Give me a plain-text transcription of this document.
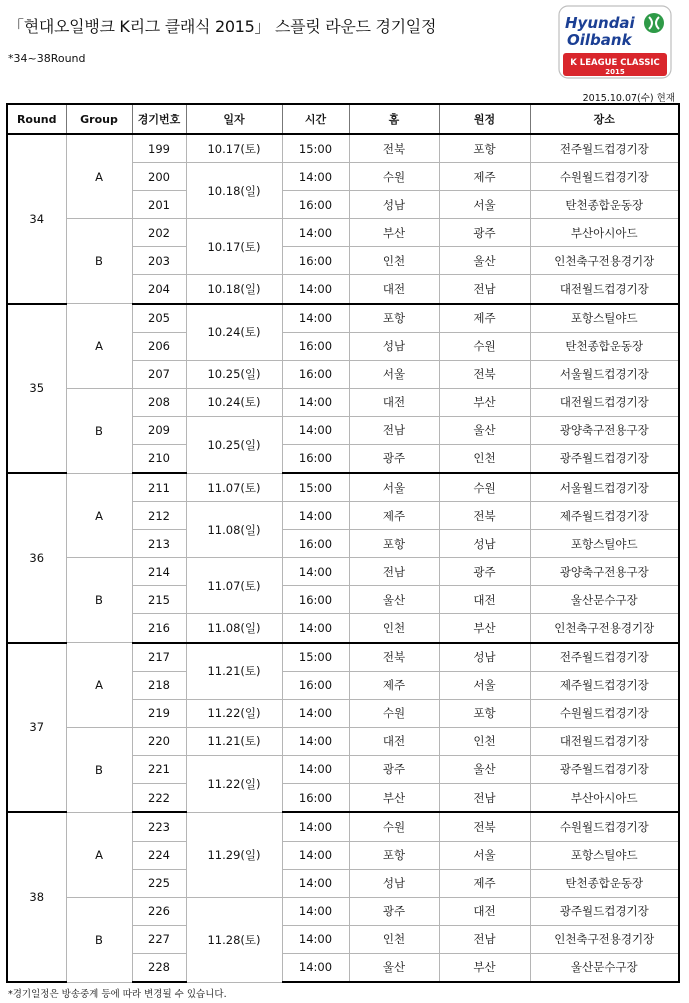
「현대오일뱅크 K리그 클래식 2015」 스플릿 라운드 경기일정
*34~38Round
Hyundai
Oilbank
K LEAGUE CLASSIC
2015
2015.10.07(수) 현재
Round	Group	경기번호	일자	시간	홈	원정	장소
34	A	199	10.17(토)	15:00	전북	포항	전주월드컵경기장
		200	10.18(일)	14:00	수원	제주	수원월드컵경기장
		201		16:00	성남	서울	탄천종합운동장
	B	202	10.17(토)	14:00	부산	광주	부산아시아드
		203		16:00	인천	울산	인천축구전용경기장
		204	10.18(일)	14:00	대전	전남	대전월드컵경기장
35	A	205	10.24(토)	14:00	포항	제주	포항스틸야드
		206		16:00	성남	수원	탄천종합운동장
		207	10.25(일)	16:00	서울	전북	서울월드컵경기장
	B	208	10.24(토)	14:00	대전	부산	대전월드컵경기장
		209	10.25(일)	14:00	전남	울산	광양축구전용구장
		210		16:00	광주	인천	광주월드컵경기장
36	A	211	11.07(토)	15:00	서울	수원	서울월드컵경기장
		212	11.08(일)	14:00	제주	전북	제주월드컵경기장
		213		16:00	포항	성남	포항스틸야드
	B	214	11.07(토)	14:00	전남	광주	광양축구전용구장
		215		16:00	울산	대전	울산문수구장
		216	11.08(일)	14:00	인천	부산	인천축구전용경기장
37	A	217	11.21(토)	15:00	전북	성남	전주월드컵경기장
		218		16:00	제주	서울	제주월드컵경기장
		219	11.22(일)	14:00	수원	포항	수원월드컵경기장
	B	220	11.21(토)	14:00	대전	인천	대전월드컵경기장
		221	11.22(일)	14:00	광주	울산	광주월드컵경기장
		222		16:00	부산	전남	부산아시아드
38	A	223	11.29(일)	14:00	수원	전북	수원월드컵경기장
		224		14:00	포항	서울	포항스틸야드
		225		14:00	성남	제주	탄천종합운동장
	B	226	11.28(토)	14:00	광주	대전	광주월드컵경기장
		227		14:00	인천	전남	인천축구전용경기장
		228		14:00	울산	부산	울산문수구장
*경기일정은 방송중계 등에 따라 변경될 수 있습니다.
